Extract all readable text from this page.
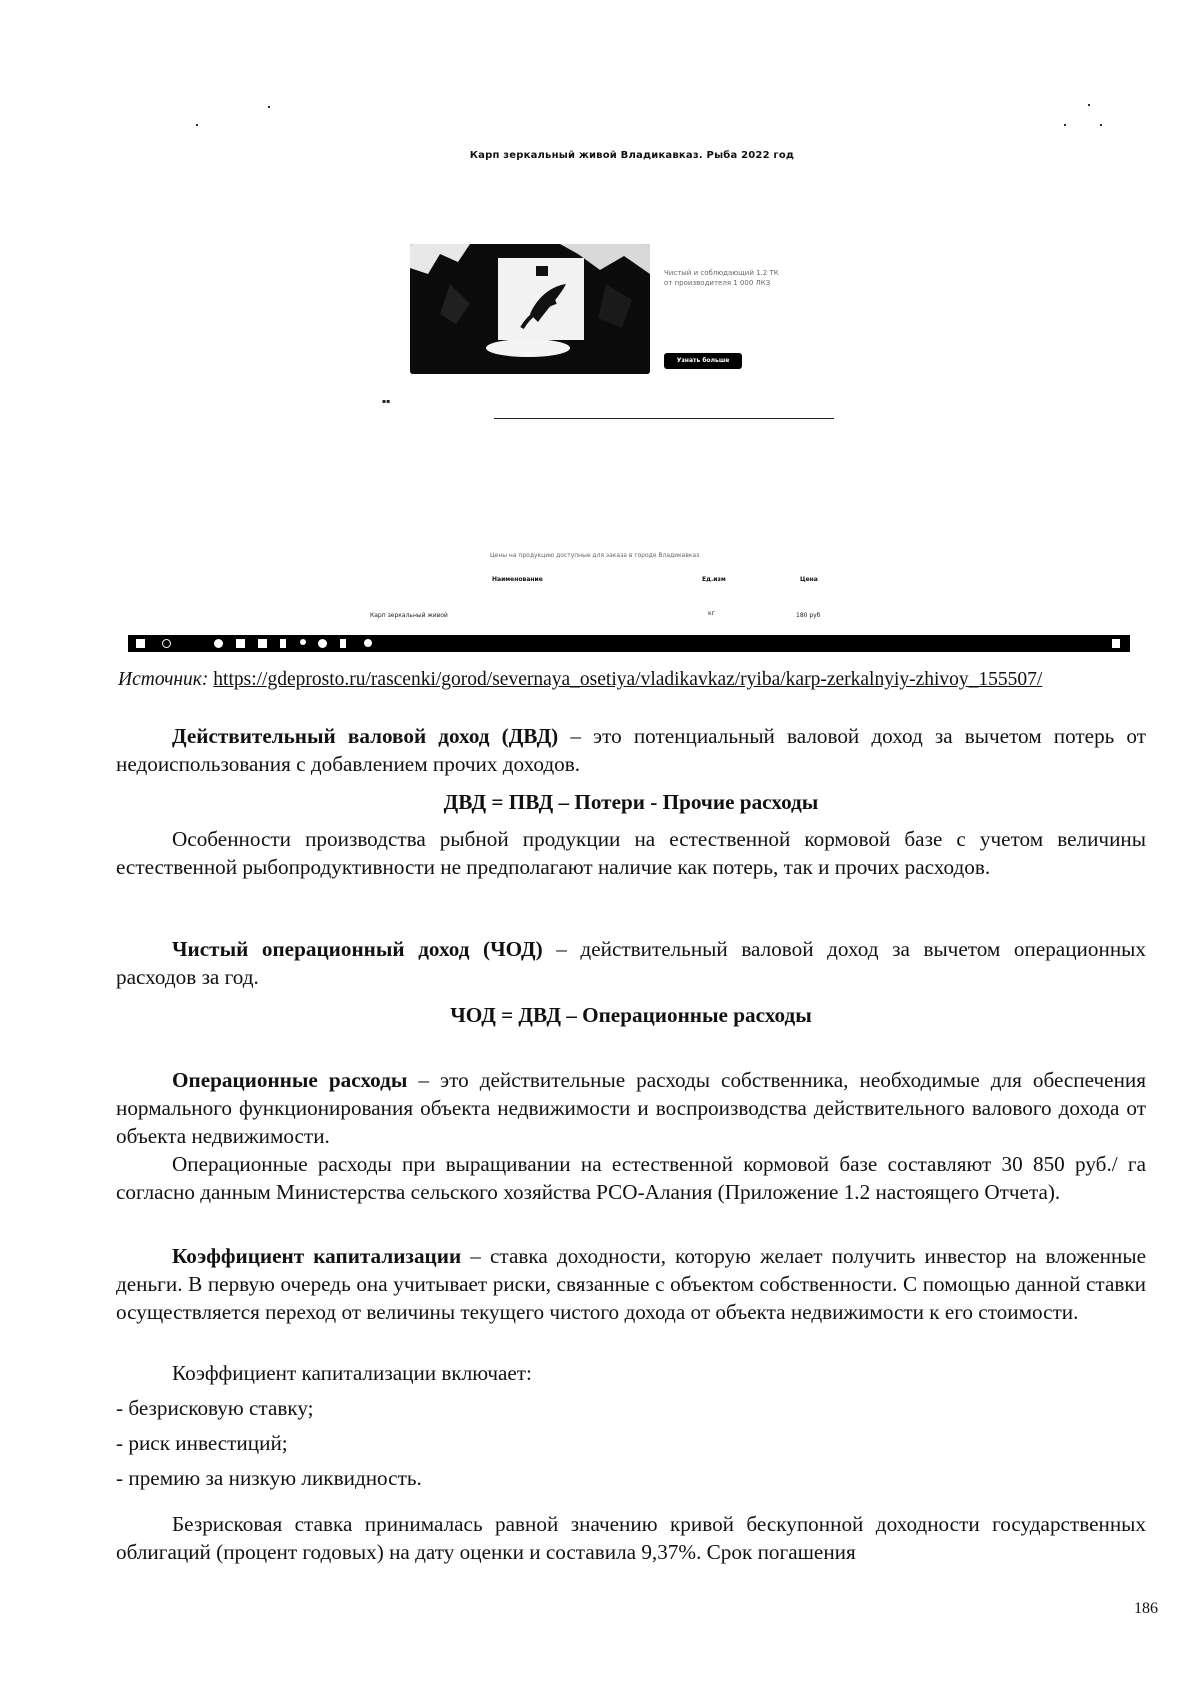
Карп зеркальный живой Владикавказ. Рыба 2022 год
Чистый и соблюдающий 1.2 ТК
от производителя 1 000 ЛКЗ
Узнать больше
▪▪
Цены на продукцию доступные для заказа в городе Владикавказ
Наименование	Ед.изм	Цена
Карп зеркальный живой	кг	180 руб
Источник: https://gdeprosto.ru/rascenki/gorod/severnaya_osetiya/vladikavkaz/ryiba/karp-zerkalnyiy-zhivoy_155507/

Действительный валовой доход (ДВД) – это потенциальный валовой доход за вычетом потерь от недоиспользования с добавлением прочих доходов.

ДВД = ПВД – Потери - Прочие расходы

Особенности производства рыбной продукции на естественной кормовой базе с учетом величины естественной рыбопродуктивности не предполагают наличие как потерь, так и прочих расходов.

Чистый операционный доход (ЧОД) – действительный валовой доход за вычетом операционных расходов за год.

ЧОД = ДВД – Операционные расходы

Операционные расходы – это действительные расходы собственника, необходимые для обеспечения нормального функционирования объекта недвижимости и воспроизводства действительного валового дохода от объекта недвижимости.

Операционные расходы при выращивании на естественной кормовой базе составляют 30 850 руб./ га согласно данным Министерства сельского хозяйства РСО-Алания (Приложение 1.2 настоящего Отчета).

Коэффициент капитализации – ставка доходности, которую желает получить инвестор на вложенные деньги. В первую очередь она учитывает риски, связанные с объектом собственности. С помощью данной ставки осуществляется переход от величины текущего чистого дохода от объекта недвижимости к его стоимости.

Коэффициент капитализации включает:
- безрисковую ставку;
- риск инвестиций;
- премию за низкую ликвидность.

Безрисковая ставка принималась равной значению кривой бескупонной доходности государственных облигаций (процент годовых) на дату оценки и составила 9,37%. Срок погашения

186
